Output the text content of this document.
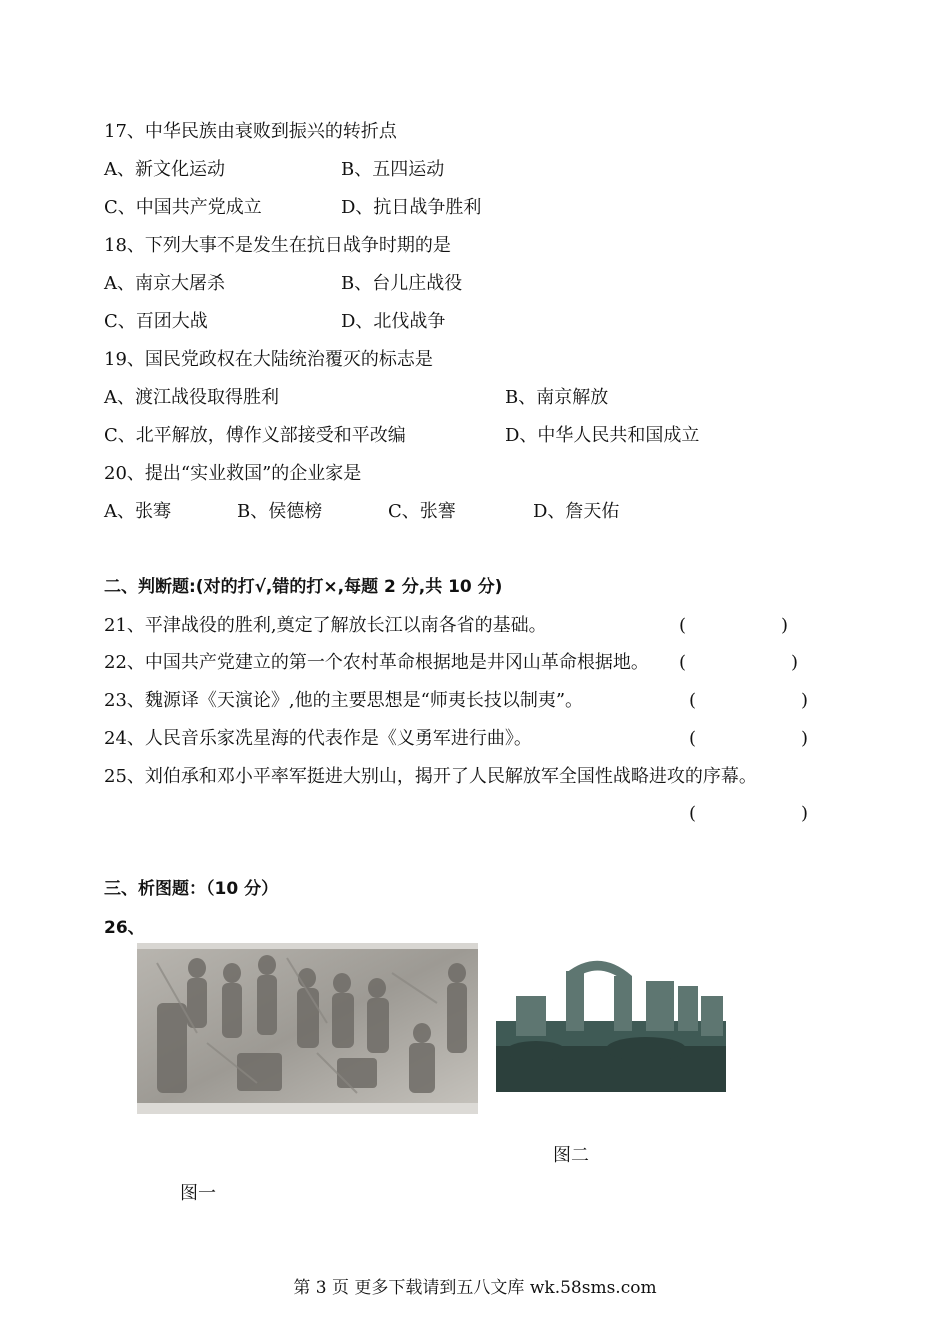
17、中华民族由衰败到振兴的转折点
A、新文化运动	B、五四运动
C、中国共产党成立	D、抗日战争胜利
18、下列大事不是发生在抗日战争时期的是
A、南京大屠杀	B、台儿庄战役
C、百团大战	D、北伐战争
19、国民党政权在大陆统治覆灭的标志是
A、渡江战役取得胜利	B、南京解放
C、北平解放，傅作义部接受和平改编	D、中华人民共和国成立
20、提出“实业救国”的企业家是
A、张骞	B、侯德榜	C、张謇	D、詹天佑
二、判断题:(对的打√,错的打×,每题 2 分,共 10 分)
21、平津战役的胜利,奠定了解放长江以南各省的基础。	(	)
22、中国共产党建立的第一个农村革命根据地是井冈山革命根据地。 (	)
23、魏源译《天演论》,他的主要思想是“师夷长技以制夷”。	(	)
24、人民音乐家冼星海的代表作是《义勇军进行曲》。	(	)
25、刘伯承和邓小平率军挺进大别山，揭开了人民解放军全国性战略进攻的序幕。
(	)
三、析图题：（10 分）
26、
图二
图一
第 3 页 更多下载请到五八文库 wk.58sms.com
